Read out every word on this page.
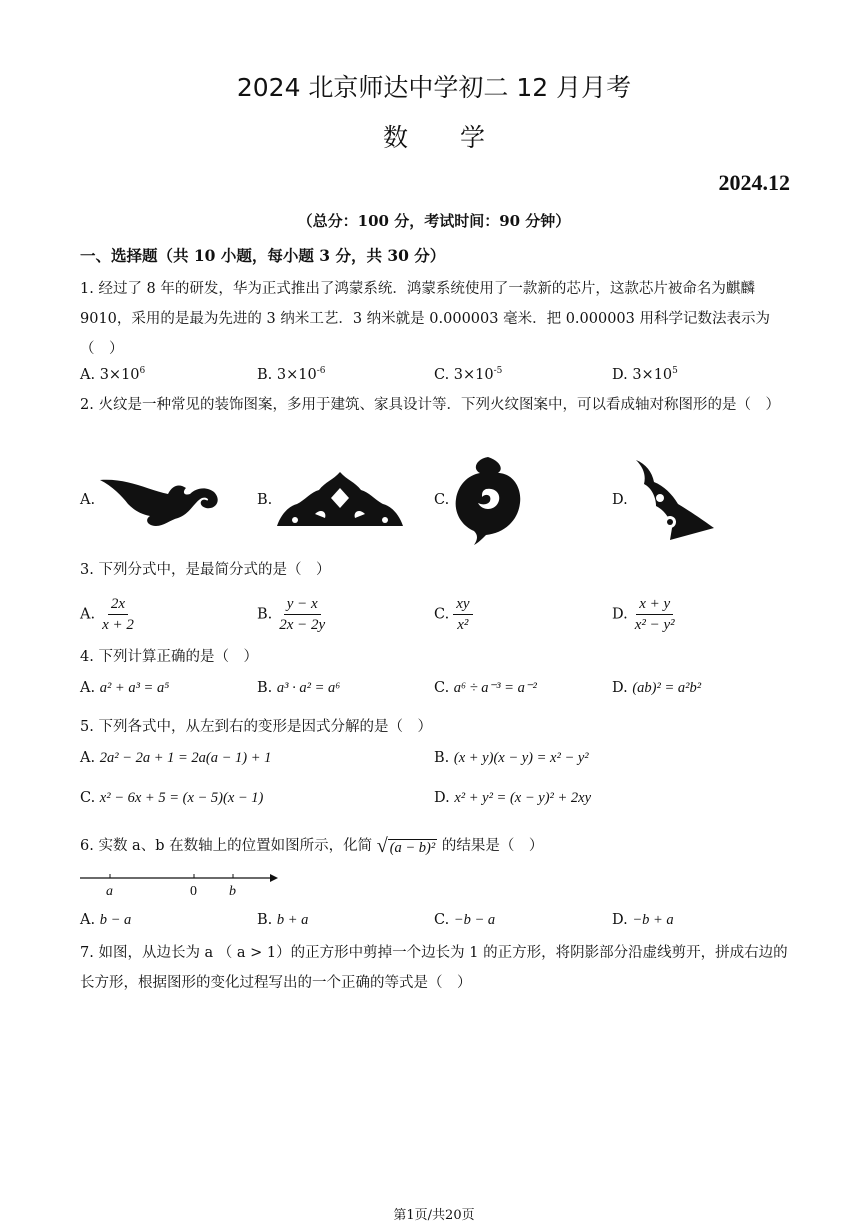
2024 北京师达中学初二 12 月月考
数学
2024.12
（总分：100 分，考试时间：90 分钟）
一、选择题（共 10 小题，每小题 3 分，共 30 分）
1. 经过了 8 年的研发，华为正式推出了鸿蒙系统．鸿蒙系统使用了一款新的芯片，这款芯片被命名为麒麟 9010，采用的是最为先进的 3 纳米工艺．3 纳米就是 0.000003 毫米．把 0.000003 用科学记数法表示为（　）
A. $3\times 10^6$	B. $3\times 10^{-6}$	C. $3\times 10^{-5}$	D. $3\times 10^5$
2. 火纹是一种常见的装饰图案，多用于建筑、家具设计等．下列火纹图案中，可以看成轴对称图形的是（　）
A.	B.	C.	D.
3. 下列分式中，是最简分式的是（　）
A. $\frac{2x}{x + 2}$	B. $\frac{y - x}{2x - 2y}$	C. $\frac{xy}{\text{x²}}$	D. $\frac{x + y}{\text{x² − y²}}$
4. 下列计算正确的是（　）
A. a² + a³ = a⁵	B. a³ · a² = a⁶	C. a⁶ ÷ a⁻³ = a⁻²	D. (ab)² = a²b²
5. 下列各式中，从左到右的变形是因式分解的是（　）
A. 2a² − 2a + 1 = 2a(a − 1) + 1	B. (x + y)(x − y) = x² − y²
C. x² − 6x + 5 = (x − 5)(x − 1)	D. x² + y² = (x − y)² + 2xy
6. 实数 a、b 在数轴上的位置如图所示，化简 √ (a − b)² 的结果是（　）
a	0 b
A. b − a	B. b + a	C. −b − a	D. −b + a
7. 如图，从边长为 a （ a > 1）的正方形中剪掉一个边长为 1 的正方形，将阴影部分沿虚线剪开，拼成右边的长方形，根据图形的变化过程写出的一个正确的等式是（　）
第1页/共20页
